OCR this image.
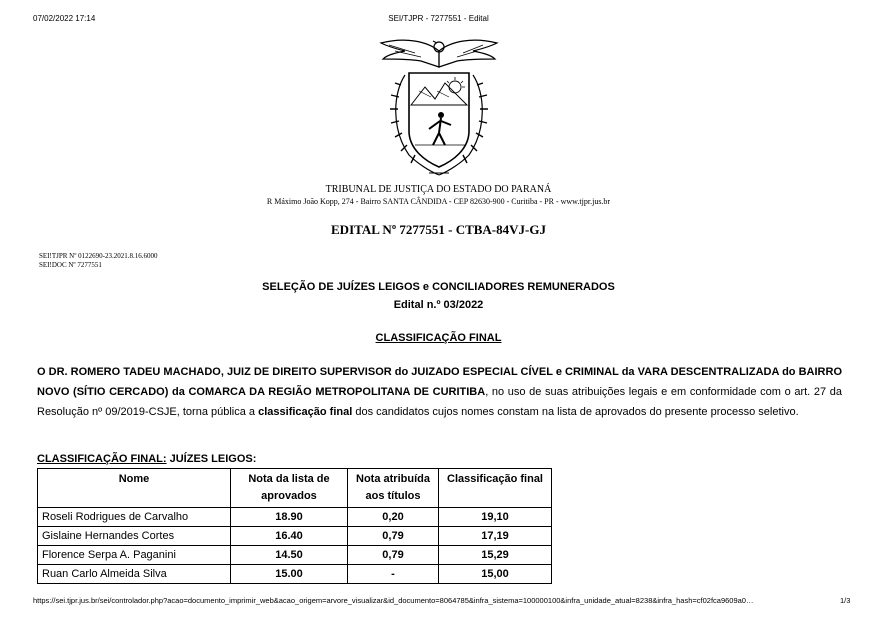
07/02/2022 17:14	SEI/TJPR - 7277551 - Edital
TRIBUNAL DE JUSTIÇA DO ESTADO DO PARANÁ
R Máximo João Kopp, 274 - Bairro SANTA CÂNDIDA - CEP 82630-900 - Curitiba - PR - www.tjpr.jus.br
EDITAL Nº 7277551 - CTBA-84VJ-GJ
SEI!TJPR Nº 0122690-23.2021.8.16.6000
SEI!DOC Nº 7277551
SELEÇÃO DE JUÍZES LEIGOS e CONCILIADORES REMUNERADOS
Edital n.º 03/2022
CLASSIFICAÇÃO FINAL
O DR. ROMERO TADEU MACHADO, JUIZ DE DIREITO SUPERVISOR do JUIZADO ESPECIAL CÍVEL e CRIMINAL da VARA DESCENTRALIZADA do BAIRRO NOVO (SÍTIO CERCADO) da COMARCA DA REGIÃO METROPOLITANA DE CURITIBA, no uso de suas atribuições legais e em conformidade com o art. 27 da Resolução nº 09/2019-CSJE, torna pública a classificação final dos candidatos cujos nomes constam na lista de aprovados do presente processo seletivo.
CLASSIFICAÇÃO FINAL: JUÍZES LEIGOS:
Nome	Nota da lista de aprovados	Nota atribuída aos títulos	Classificação final
Roseli Rodrigues de Carvalho	18.90	0,20	19,10
Gislaine Hernandes Cortes	16.40	0,79	17,19
Florence Serpa A. Paganini	14.50	0,79	15,29
Ruan Carlo Almeida Silva	15.00	-	15,00
https://sei.tjpr.jus.br/sei/controlador.php?acao=documento_imprimir_web&acao_origem=arvore_visualizar&id_documento=8064785&infra_sistema=100000100&infra_unidade_atual=8238&infra_hash=cf02fca9609a0…	1/3
